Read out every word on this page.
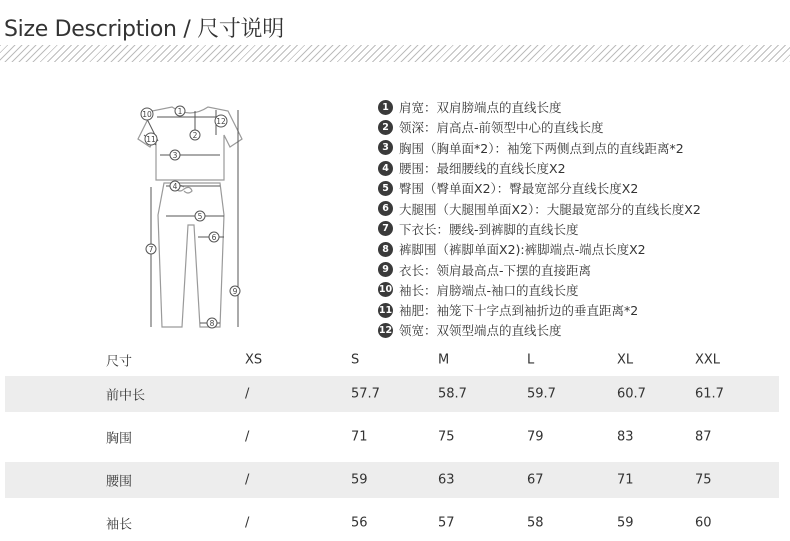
Size Description / 尺寸说明
1
2
3
4
5
6
7
8
9
10
11
12
1 肩宽：双肩膀端点的直线长度
2 领深：肩高点-前领型中心的直线长度
3 胸围（胸单面*2）：袖笼下两侧点到点的直线距离*2
4 腰围：最细腰线的直线长度X2
5 臀围（臀单面X2）：臀最宽部分直线长度X2
6 大腿围（大腿围单面X2）：大腿最宽部分的直线长度X2
7 下衣长：腰线-到裤脚的直线长度
8 裤脚围（裤脚单面X2):裤脚端点-端点长度X2
9 衣长：领肩最高点-下摆的直接距离
10 袖长：肩膀端点-袖口的直线长度
11 袖肥：袖笼下十字点到袖折边的垂直距离*2
12 领宽：双领型端点的直线长度
尺寸	XS	S	M	L	XL	XXL
前中长	/	57.7	58.7	59.7	60.7	61.7
胸围	/	71	75	79	83	87
腰围	/	59	63	67	71	75
袖长	/	56	57	58	59	60
